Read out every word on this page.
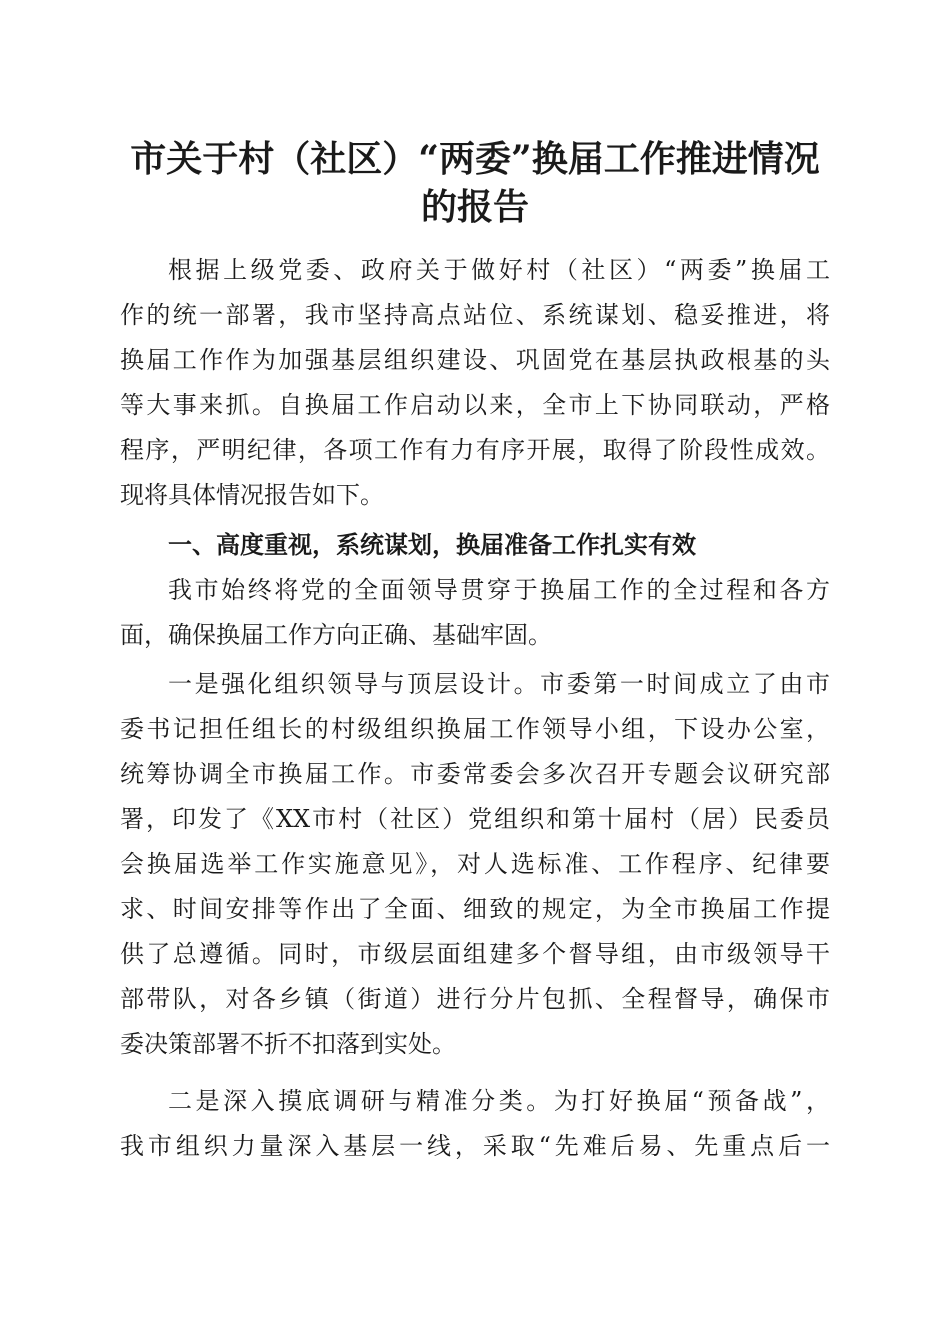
市关于村（社区）“两委”换届工作推进情况
的报告
根据上级党委、政府关于做好村（社区）“两委”换届工
作的统一部署，我市坚持高点站位、系统谋划、稳妥推进，将
换届工作作为加强基层组织建设、巩固党在基层执政根基的头
等大事来抓。自换届工作启动以来，全市上下协同联动，严格
程序，严明纪律，各项工作有力有序开展，取得了阶段性成效。
现将具体情况报告如下。
一、高度重视，系统谋划，换届准备工作扎实有效
我市始终将党的全面领导贯穿于换届工作的全过程和各方
面，确保换届工作方向正确、基础牢固。
一是强化组织领导与顶层设计。市委第一时间成立了由市
委书记担任组长的村级组织换届工作领导小组，下设办公室，
统筹协调全市换届工作。市委常委会多次召开专题会议研究部
署，印发了《XX市村（社区）党组织和第十届村（居）民委员
会换届选举工作实施意见》，对人选标准、工作程序、纪律要
求、时间安排等作出了全面、细致的规定，为全市换届工作提
供了总遵循。同时，市级层面组建多个督导组，由市级领导干
部带队，对各乡镇（街道）进行分片包抓、全程督导，确保市
委决策部署不折不扣落到实处。
二是深入摸底调研与精准分类。为打好换届“预备战”，
我市组织力量深入基层一线，采取“先难后易、先重点后一
